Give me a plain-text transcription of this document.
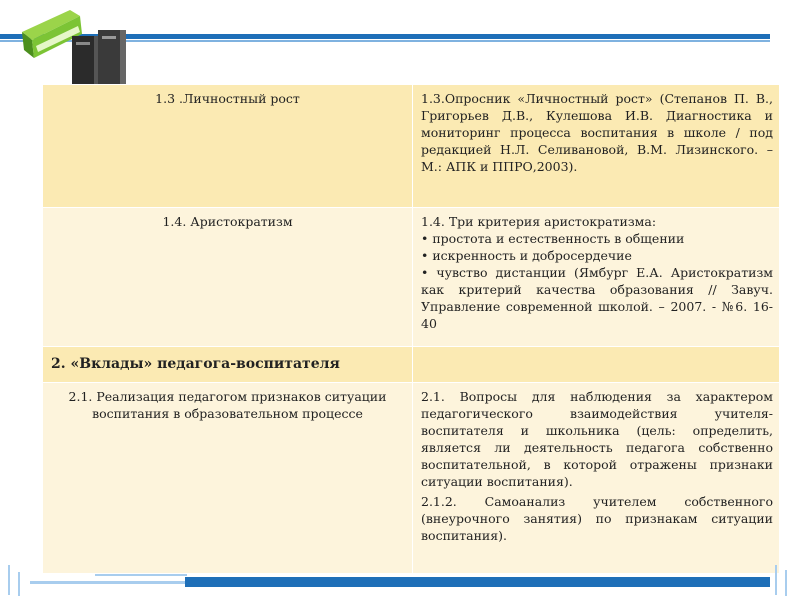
1.3 .Личностный рост	1.3.Опросник «Личностный рост» (Степанов П. В., Григорьев Д.В., Кулешова И.В. Диагностика и мониторинг процесса воспитания в школе / под редакцией Н.Л. Селивановой, В.М. Лизинского. – М.: АПК и ППРО,2003).

1.4. Аристократизм	1.4. Три критерия аристократизма:
• простота и естественность в общении
• искренность и добросердечие
• чувство дистанции (Ямбург Е.А. Аристократизм как критерий качества образования // Завуч. Управление современной школой. – 2007. - №6. 16-40

2. «Вклады» педагога-воспитателя	
2.1. Реализация педагогом признаков ситуации воспитания в образовательном процессе	2.1. Вопросы для наблюдения за характером педагогического взаимодействия учителя-воспитателя и школьника (цель: определить, является ли деятельность педагога собственно воспитательной, в которой отражены признаки ситуации воспитания).
2.1.2. Самоанализ учителем собственного (внеурочного занятия) по признакам ситуации воспитания).
